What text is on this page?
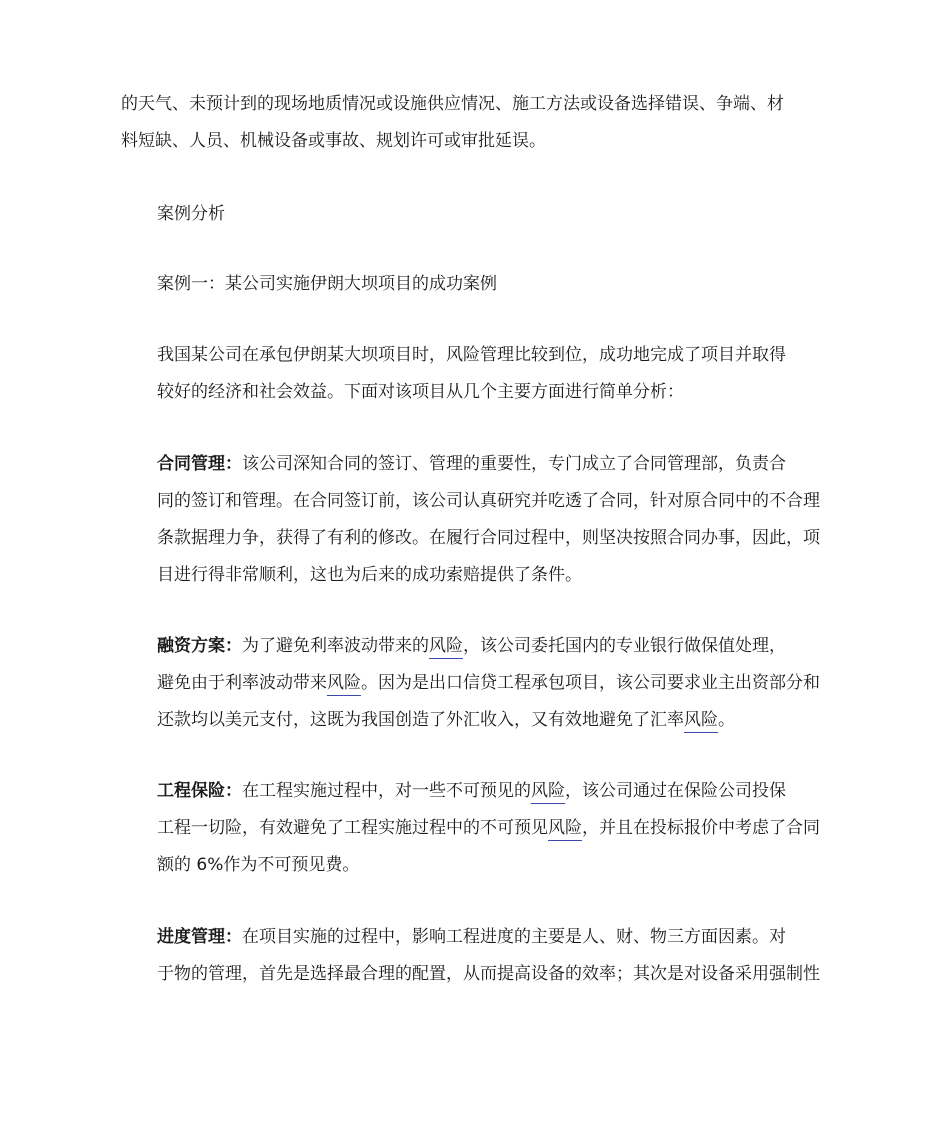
的天气、未预计到的现场地质情况或设施供应情况、施工方法或设备选择错误、争端、材
料短缺、人员、机械设备或事故、规划许可或审批延误。

案例分析

案例一：某公司实施伊朗大坝项目的成功案例

我国某公司在承包伊朗某大坝项目时，风险管理比较到位，成功地完成了项目并取得
较好的经济和社会效益。下面对该项目从几个主要方面进行简单分析：

合同管理：该公司深知合同的签订、管理的重要性，专门成立了合同管理部，负责合
同的签订和管理。在合同签订前，该公司认真研究并吃透了合同，针对原合同中的不合理
条款据理力争，获得了有利的修改。在履行合同过程中，则坚决按照合同办事，因此，项
目进行得非常顺利，这也为后来的成功索赔提供了条件。

融资方案：为了避免利率波动带来的风险，该公司委托国内的专业银行做保值处理，
避免由于利率波动带来风险。因为是出口信贷工程承包项目，该公司要求业主出资部分和
还款均以美元支付，这既为我国创造了外汇收入，又有效地避免了汇率风险。

工程保险：在工程实施过程中，对一些不可预见的风险，该公司通过在保险公司投保
工程一切险，有效避免了工程实施过程中的不可预见风险，并且在投标报价中考虑了合同
额的 6%作为不可预见费。

进度管理：在项目实施的过程中，影响工程进度的主要是人、财、物三方面因素。对
于物的管理，首先是选择最合理的配置，从而提高设备的效率；其次是对设备采用强制性
